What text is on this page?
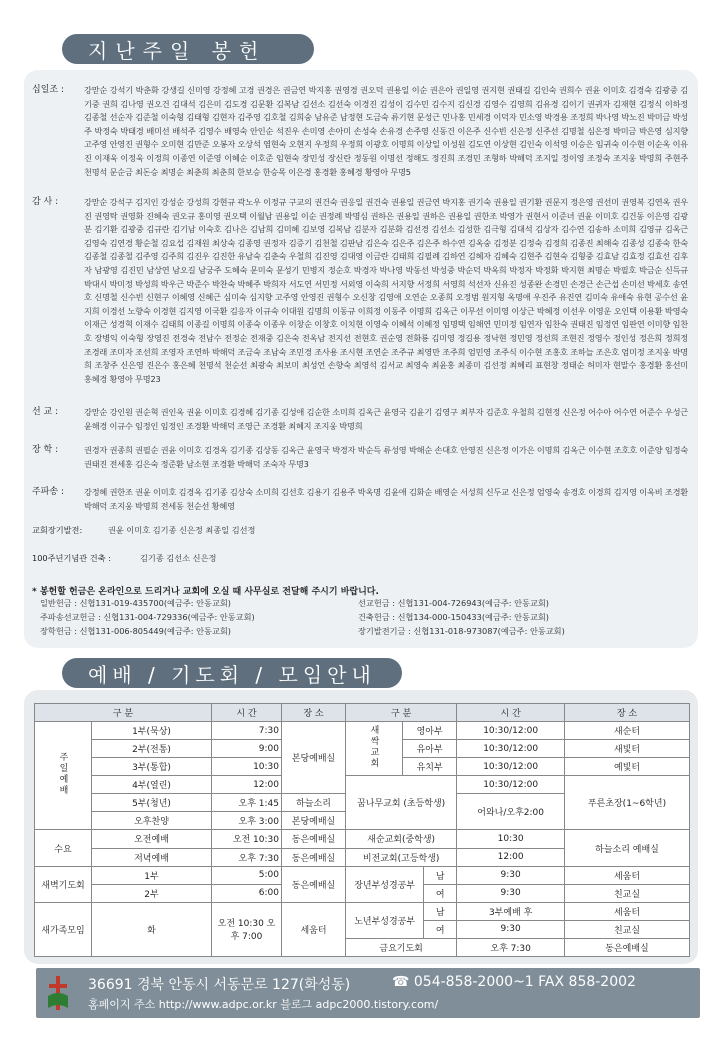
지난주일 봉헌
십일조 :	강맏순 강석기 박춘화 강생길 신미영 강정혜 고경 권경은 권금연 박지홍 권영경 권오덕 권용일 이순 권은아 권일영 권지현 권태길 김인숙 권희수 권윤 이미호 김경숙 김광중 김기중 권희 김나영 권오건 김대석 김은미 김도경 김문환 김복남 김선소 김선숙 이경진 김성이 김수민 김수지 김신경 김영수 김영희 김유경 김이기 권귀자 김재현 김정식 이하정 김종철 선순자 김준철 이숙형 김태형 김현자 김주영 김호철 김희숭 남유준 남정현 도금숙 류기현 문성근 민나홍 민세경 이덕자 민소영 박경용 조정희 박나영 박노진 박미금 박성주 박정숙 박태경 배미선 배석주 김영수 배영숙 안인순 석진우 손미영 손아미 손성숙 손유경 손주영 신동건 이은주 신수빈 신은정 신주선 김명철 심은정 박미금 박은영 심지향 고주영 안영진 권형수 오미현 김만준 오봉자 오상석 염현숙 오현지 우정희 우정희 이광호 이명희 이상일 이성원 김도연 이상현 김인숙 이석영 이승은 임귀숙 이수현 이순옥 이유진 이재욱 이정욱 이정희 이종연 이준영 이혜순 이호준 임현숙 장민성 장신란 정동원 이명선 정해도 정진희 조경민 조형하 박해덕 조지일 정이영 조정숙 조지웅 박명희 주현주 천명석 문순금 최돈승 최명순 최춘희 최춘희 한보승 한승목 이은경 홍경환 홍혜경 황영아 무명5
감 사 :	강맏순 강석구 김지인 강성순 강성희 강현규 곽노우 이정규 구교의 권건숙 권응일 권건숙 권용일 권금연 박지홍 권기숙 권용일 권기환 권문지 정은영 권선미 권영복 김연옥 권우진 권영탁 권영화 진혜숙 권오규 홍미영 권오택 이월남 권용일 이순 권정례 박명심 권하은 권용일 권하은 권용일 권한조 박영가 권현서 이준녀 권윤 이미호 김건동 이은영 김광분 김기환 김광중 김규란 김기남 이숙호 김나은 김남희 김미혜 김보영 김복남 김분자 김분화 김선경 김선소 김성한 김극형 김대석 김상자 김수연 김송하 소미희 김영규 김옥근 김영숙 김연경 황순철 김요섭 김재원 최상숙 김종영 권정자 김증기 김천철 김판남 김은숙 김은주 김은주 하수연 김옥숭 김정분 김정숙 김정희 김종진 최해숙 김종성 김종숙 한숙 김종철 김종철 김주영 김주희 김진우 김진한 유남숙 김춘숙 우철희 김진영 김대영 이금란 김태희 김필례 김하연 김혜자 김혜숙 김현주 김현숙 김형중 김효남 김효정 김효선 김후자 남광영 김진민 남상연 남오길 남궁주 도혜숙 문미숙 문성기 민병지 정순호 박경자 박나영 박동선 박성중 박순덕 박옥희 박정자 박정화 박지현 최명순 박필호 박금순 신득규 박대시 박미정 박성희 박우근 박준수 박찬숙 박혜주 박희자 서도연 서민정 서외영 이숙희 서지향 서정희 서영희 석선자 신유진 성종완 손경민 손경근 손근섭 손미선 박세호 송연호 신명철 신수빈 신현구 이혜영 신혜근 심미숙 심지향 고주영 안영진 권형수 오신창 김영애 오연순 오종희 오정범 원지형 옥명애 우진주 유진연 김미숙 유애숙 유현 공수선 윤지희 이경선 노향숙 이경현 김지영 이국환 김응자 이규숙 이대원 김명희 이동규 이희정 이동주 이명희 김옥근 이무선 이미영 이상근 박혜정 이선우 이영운 오인택 이용환 박영숙 이재근 성경혁 이재수 김태희 이종길 이명희 이종숙 이종우 이창순 이창호 이치현 이영숙 이혜석 이혜정 임명택 임해연 민미정 임연자 임찬숙 권태진 임정연 임판연 이미향 임찬호 장병익 이숙형 장영진 전경숙 전남수 전정순 전재중 김은숙 전옥남 전지선 전현호 권순영 전화룡 김미영 정길용 정낙현 정민영 정선희 조현진 정영수 정인성 정은희 정희정 조경래 조미자 조선희 조영자 조연하 박해덕 조금숙 조남숙 조민경 조사용 조시현 조연순 조주규 최영만 조주희 엄민영 조주식 이수현 조홍호 조하늘 조은호 엄미정 조지웅 박명희 조창주 신은영 진은수 홍은혜 천명석 천순선 최광숙 최보미 최성언 손향숙 최영석 김서교 최영숙 최윤홍 최종미 김선정 최혜리 표현창 정태순 허미자 현말수 홍경환 홍선미 홍혜경 황영아 무명23
선 교 :	강맏순 강인원 권순혁 권인옥 권윤 이미호 김경혜 김기종 김성애 김순한 소미희 김옥근 윤영국 김윤기 김영구 최부자 김준호 우철희 김현정 신은정 어수아 어수연 어준수 우성근 윤해경 이규수 임정인 임정인 조경환 박해덕 조영근 조경환 최혜지 조지웅 박명희
장 학 :	권경자 권종희 권필순 권윤 이미호 김경옥 김기종 김상동 김옥근 윤영국 박경자 박순득 류성영 박해순 손대호 안영진 신은정 이가은 이명희 김옥근 이수현 조호호 이준양 임정숙 권태진 전세홍 김은숙 정준환 남소현 조경환 박해덕 조숙자 무명3
주파송 :	강정혜 권한조 권윤 이미호 김경옥 김기종 김상숙 소미희 김선호 김용기 김용주 박옥명 김윤애 김화순 배영순 서성희 신두교 신은정 엄영숙 송경호 이경희 김지영 이옥비 조경환 박해덕 조지웅 박명희 전세동 천순선 황혜영
교회장기발전:	권윤 이미호 김기종 신은정 최종일 김선정
100주년기념관 건축 :	김기종 김선소 신은정
* 봉헌할 헌금은 온라인으로 드리거나 교회에 오실 때 사무실로 전달해 주시기 바랍니다.
일반헌금 : 신협131-019-435700(예금주: 안동교회)	선교헌금 : 신협131-004-726943(예금주: 안동교회)
주파송선교헌금 : 신협131-004-729336(예금주: 안동교회)	건축헌금 : 신협134-000-150433(예금주: 안동교회)
장학헌금 : 신협131-006-805449(예금주: 안동교회)	장기발전기금 : 신협131-018-973087(예금주: 안동교회)
예배 / 기도회 / 모임안내
구 분		시 간	장 소	구 분			시 간	장 소
주일예배	1부(묵상)	7:30	본당예배실	새싹교회	영아부		10:30/12:00	새순터
	2부(전통)	9:00			유아부		10:30/12:00	새빛터
	3부(통합)	10:30			유치부		10:30/12:00	예빛터
	4부(열린)	12:00		꿈나무교회 (초등학생)			10:30/12:00	푸른초장(1~6학년)
	5부(청년)	오후 1:45	하늘소리				어와나/오후2:00	
	오후찬양	오후 3:00	본당예배실					
수요	오전예배	오전 10:30	동은예배실	새순교회(중학생)			10:30	하늘소리 예배실
	저녁예배	오후 7:30	동은예배실	비전교회(고등학생)			12:00	
새벽기도회	1부	5:00	동은예배실	장년부성경공부		남	9:30	세움터
	2부	6:00				여	9:30	친교실
새가족모임	화	오전 10:30 오후 7:00	세움터	노년부성경공부		남	3부예배 후	세움터
						여	9:30	친교실
				금요기도회			오후 7:30	동은예배실
36691 경북 안동시 서동문로 127(화성동)	☎ 054-858-2000~1 FAX 858-2002
홈페이지 주소 http://www.adpc.or.kr 블로그 adpc2000.tistory.com/
